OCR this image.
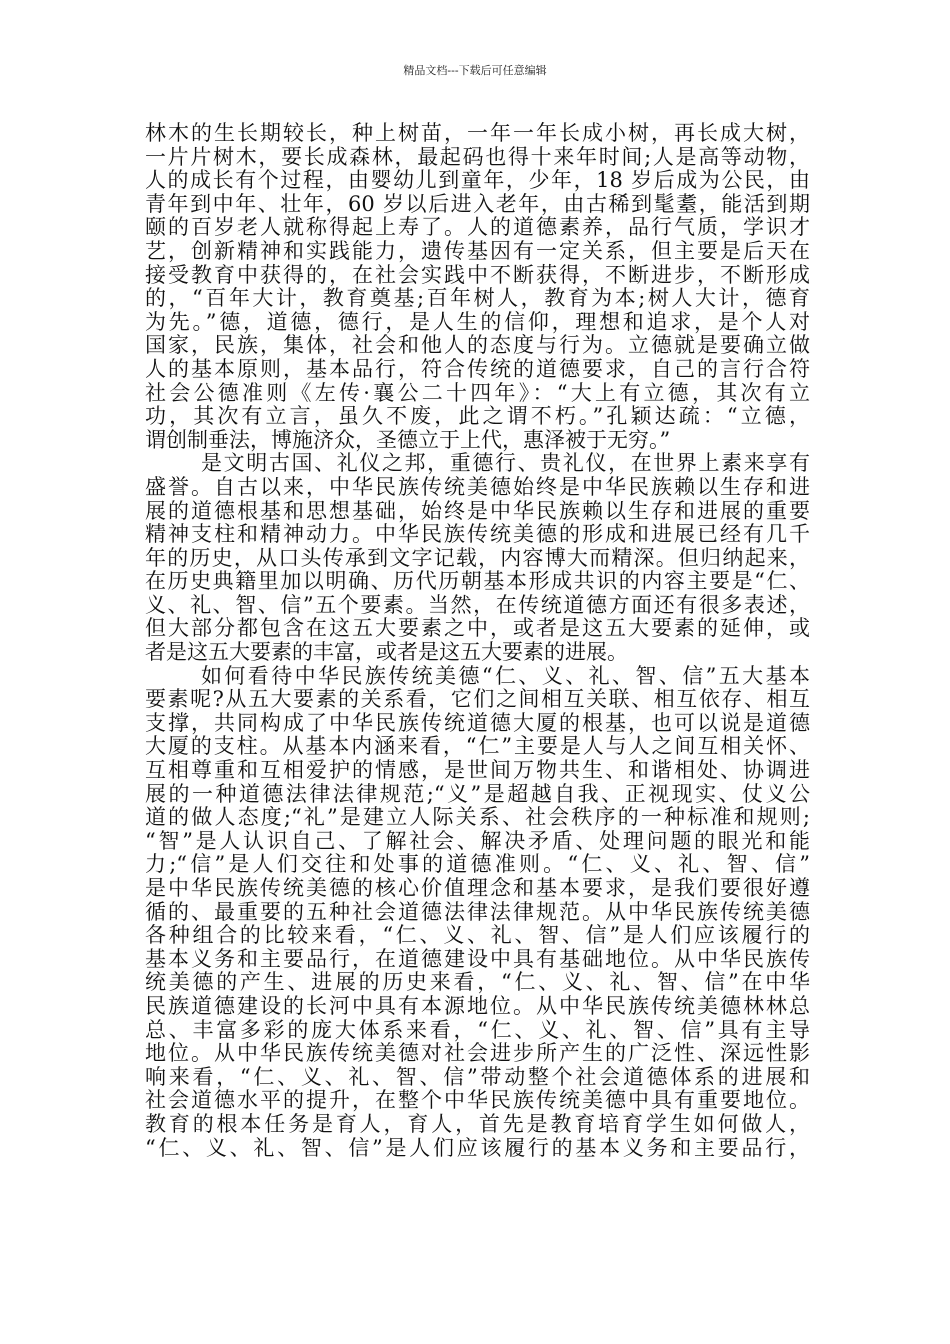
精品文档---下载后可任意编辑
林木的生长期较长，种上树苗，一年一年长成小树，再长成大树，
一片片树木，要长成森林，最起码也得十来年时间;人是高等动物，
人的成长有个过程，由婴幼儿到童年，少年，18 岁后成为公民，由
青年到中年、壮年，60 岁以后进入老年，由古稀到髦耋，能活到期
颐的百岁老人就称得起上寿了。人的道德素养，品行气质，学识才
艺，创新精神和实践能力，遗传基因有一定关系，但主要是后天在
接受教育中获得的，在社会实践中不断获得，不断进步，不断形成
的，“百年大计，教育奠基;百年树人，教育为本;树人大计，德育
为先。”德，道德，德行，是人生的信仰，理想和追求，是个人对
国家，民族，集体，社会和他人的态度与行为。立德就是要确立做
人的基本原则，基本品行，符合传统的道德要求，自己的言行合符
社会公德准则《左传·襄公二十四年》：“大上有立德，其次有立
功，其次有立言，虽久不废，此之谓不朽。”孔颖达疏：“立德，
谓创制垂法，博施济众，圣德立于上代，惠泽被于无穷。”
是文明古国、礼仪之邦，重德行、贵礼仪，在世界上素来享有
盛誉。自古以来，中华民族传统美德始终是中华民族赖以生存和进
展的道德根基和思想基础，始终是中华民族赖以生存和进展的重要
精神支柱和精神动力。中华民族传统美德的形成和进展已经有几千
年的历史，从口头传承到文字记载，内容博大而精深。但归纳起来，
在历史典籍里加以明确、历代历朝基本形成共识的内容主要是“仁、
义、礼、智、信”五个要素。当然，在传统道德方面还有很多表述，
但大部分都包含在这五大要素之中，或者是这五大要素的延伸，或
者是这五大要素的丰富，或者是这五大要素的进展。
如何看待中华民族传统美德“仁、义、礼、智、信”五大基本
要素呢?从五大要素的关系看，它们之间相互关联、相互依存、相互
支撑，共同构成了中华民族传统道德大厦的根基，也可以说是道德
大厦的支柱。从基本内涵来看，“仁”主要是人与人之间互相关怀、
互相尊重和互相爱护的情感，是世间万物共生、和谐相处、协调进
展的一种道德法律法律规范;“义”是超越自我、正视现实、仗义公
道的做人态度;“礼”是建立人际关系、社会秩序的一种标准和规则;
“智”是人认识自己、了解社会、解决矛盾、处理问题的眼光和能
力;“信”是人们交往和处事的道德准则。“仁、义、礼、智、信”
是中华民族传统美德的核心价值理念和基本要求，是我们要很好遵
循的、最重要的五种社会道德法律法律规范。从中华民族传统美德
各种组合的比较来看，“仁、义、礼、智、信”是人们应该履行的
基本义务和主要品行，在道德建设中具有基础地位。从中华民族传
统美德的产生、进展的历史来看，“仁、义、礼、智、信”在中华
民族道德建设的长河中具有本源地位。从中华民族传统美德林林总
总、丰富多彩的庞大体系来看，“仁、义、礼、智、信”具有主导
地位。从中华民族传统美德对社会进步所产生的广泛性、深远性影
响来看，“仁、义、礼、智、信”带动整个社会道德体系的进展和
社会道德水平的提升，在整个中华民族传统美德中具有重要地位。
教育的根本任务是育人，育人，首先是教育培育学生如何做人，
“仁、义、礼、智、信”是人们应该履行的基本义务和主要品行，
